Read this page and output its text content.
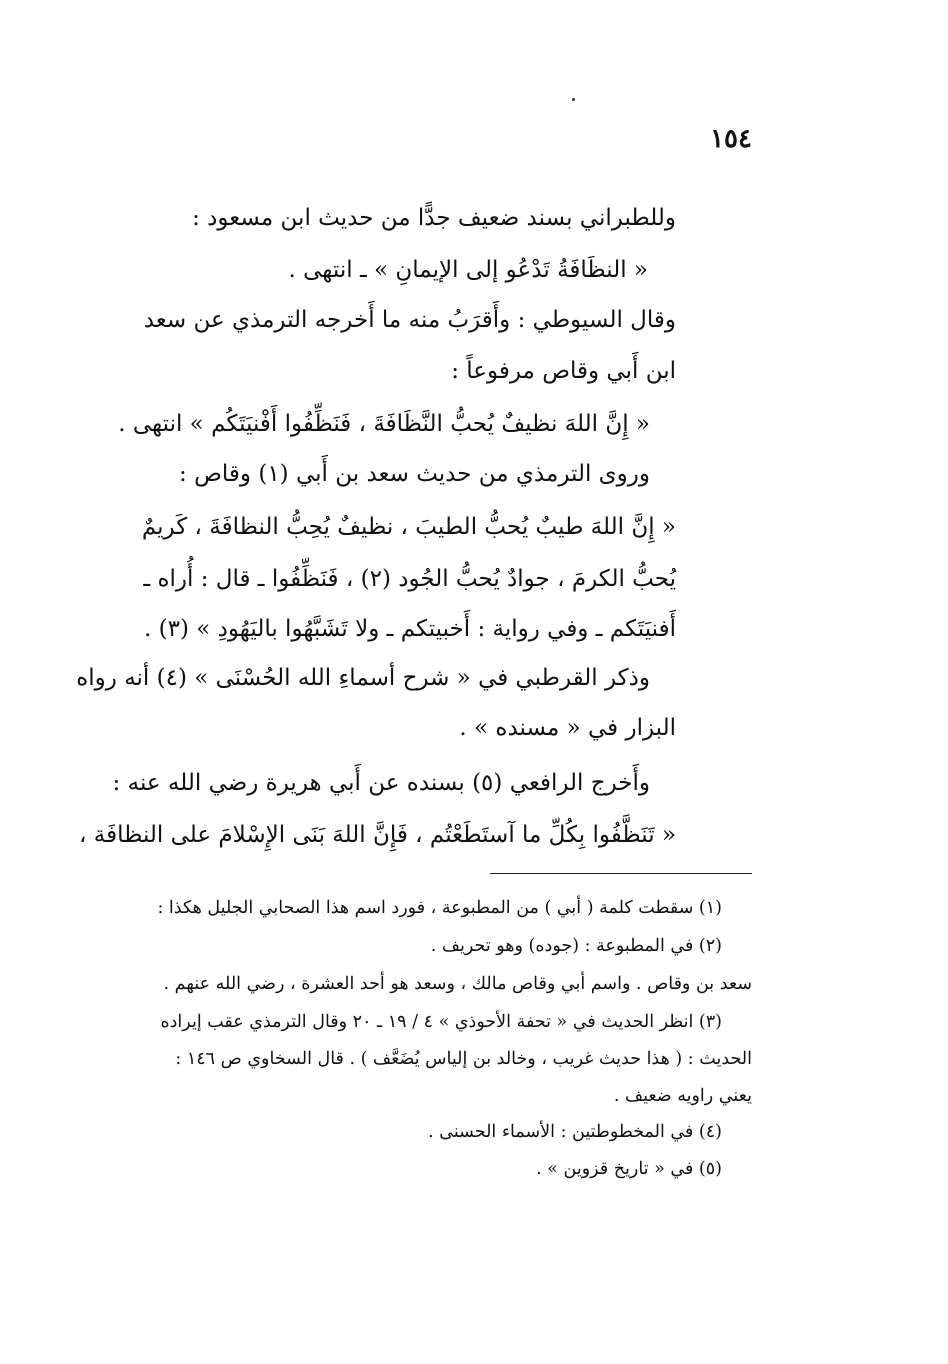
١٥٤
وللطبراني بسند ضعيف جدًّا من حديث ابن مسعود :
« النظَافَةُ تَدْعُو إلى الإيمانِ » ـ انتهى .
وقال السيوطي : وأَقرَبُ منه ما أَخرجه الترمذي عن سعد
ابن أَبي وقاص مرفوعاً :
« إِنَّ اللهَ نظيفٌ يُحبُّ النَّظَافَةَ ، فَنَظِّفُوا أَفْنيَتَكُم » انتهى .
وروى الترمذي من حديث سعد بن أَبي (١) وقاص :
« إِنَّ اللهَ طيبٌ يُحبُّ الطيبَ ، نظيفٌ يُحِبُّ النظافَةَ ، كَريمٌ
يُحبُّ الكرمَ ، جوادٌ يُحبُّ الجُود (٢) ، فَنَظِّفُوا ـ قال : أُراه ـ
أَفنيَتَكم ـ وفي رواية : أَخبيتكم ـ ولا تَشَبَّهُوا باليَهُودِ » (٣) .
وذكر القرطبي في « شرح أسماءِ الله الحُسْنَى » (٤) أنه رواه
البزار في « مسنده » .
وأَخرج الرافعي (٥) بسنده عن أَبي هريرة رضي الله عنه :
« تَنَظَّفُوا بِكُلِّ ما آستَطَعْتُم ، فَإِنَّ اللهَ بَنَى الإِسْلامَ على النظافَة ،
(١) سقطت كلمة ( أبي ) من المطبوعة ، فورد اسم هذا الصحابي الجليل هكذا :
(٢) في المطبوعة : (جوده) وهو تحريف .
سعد بن وقاص . واسم أبي وقاص مالك ، وسعد هو أحد العشرة ، رضي الله عنهم .
(٣) انظر الحديث في « تحفة الأحوذي » ٤ / ١٩ ـ ٢٠ وقال الترمذي عقب إيراده
الحديث : ( هذا حديث غريب ، وخالد بن إلياس يُضَعَّف ) . قال السخاوي ص ١٤٦ :
يعني راويه ضعيف .
(٤) في المخطوطتين : الأسماء الحسنى .
(٥) في « تاريخ قزوين » .
